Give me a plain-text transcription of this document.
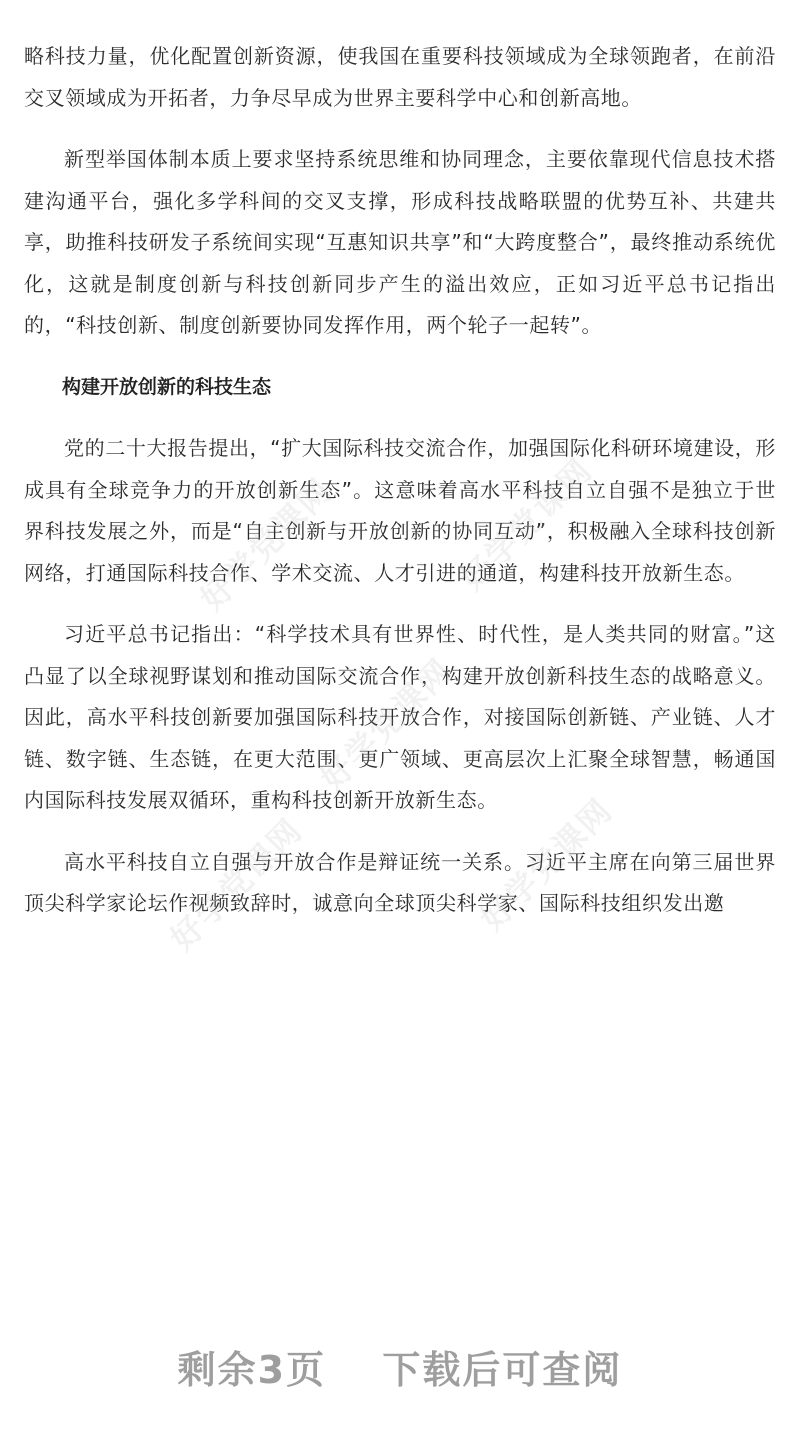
略科技力量，优化配置创新资源，使我国在重要科技领域成为全球领跑者，在前沿交叉领域成为开拓者，力争尽早成为世界主要科学中心和创新高地。

新型举国体制本质上要求坚持系统思维和协同理念，主要依靠现代信息技术搭建沟通平台，强化多学科间的交叉支撑，形成科技战略联盟的优势互补、共建共享，助推科技研发子系统间实现“互惠知识共享”和“大跨度整合”，最终推动系统优化，这就是制度创新与科技创新同步产生的溢出效应，正如习近平总书记指出的，“科技创新、制度创新要协同发挥作用，两个轮子一起转”。

构建开放创新的科技生态

党的二十大报告提出，“扩大国际科技交流合作，加强国际化科研环境建设，形成具有全球竞争力的开放创新生态”。这意味着高水平科技自立自强不是独立于世界科技发展之外，而是“自主创新与开放创新的协同互动”，积极融入全球科技创新网络，打通国际科技合作、学术交流、人才引进的通道，构建科技开放新生态。

习近平总书记指出：“科学技术具有世界性、时代性，是人类共同的财富。”这凸显了以全球视野谋划和推动国际交流合作，构建开放创新科技生态的战略意义。因此，高水平科技创新要加强国际科技开放合作，对接国际创新链、产业链、人才链、数字链、生态链，在更大范围、更广领域、更高层次上汇聚全球智慧，畅通国内国际科技发展双循环，重构科技创新开放新生态。

高水平科技自立自强与开放合作是辩证统一关系。习近平主席在向第三届世界顶尖科学家论坛作视频致辞时，诚意向全球顶尖科学家、国际科技组织发出邀

好学党课网	好学党课网
好学党课网
好学党课网	好学党课网
剩余3页 下载后可查阅
